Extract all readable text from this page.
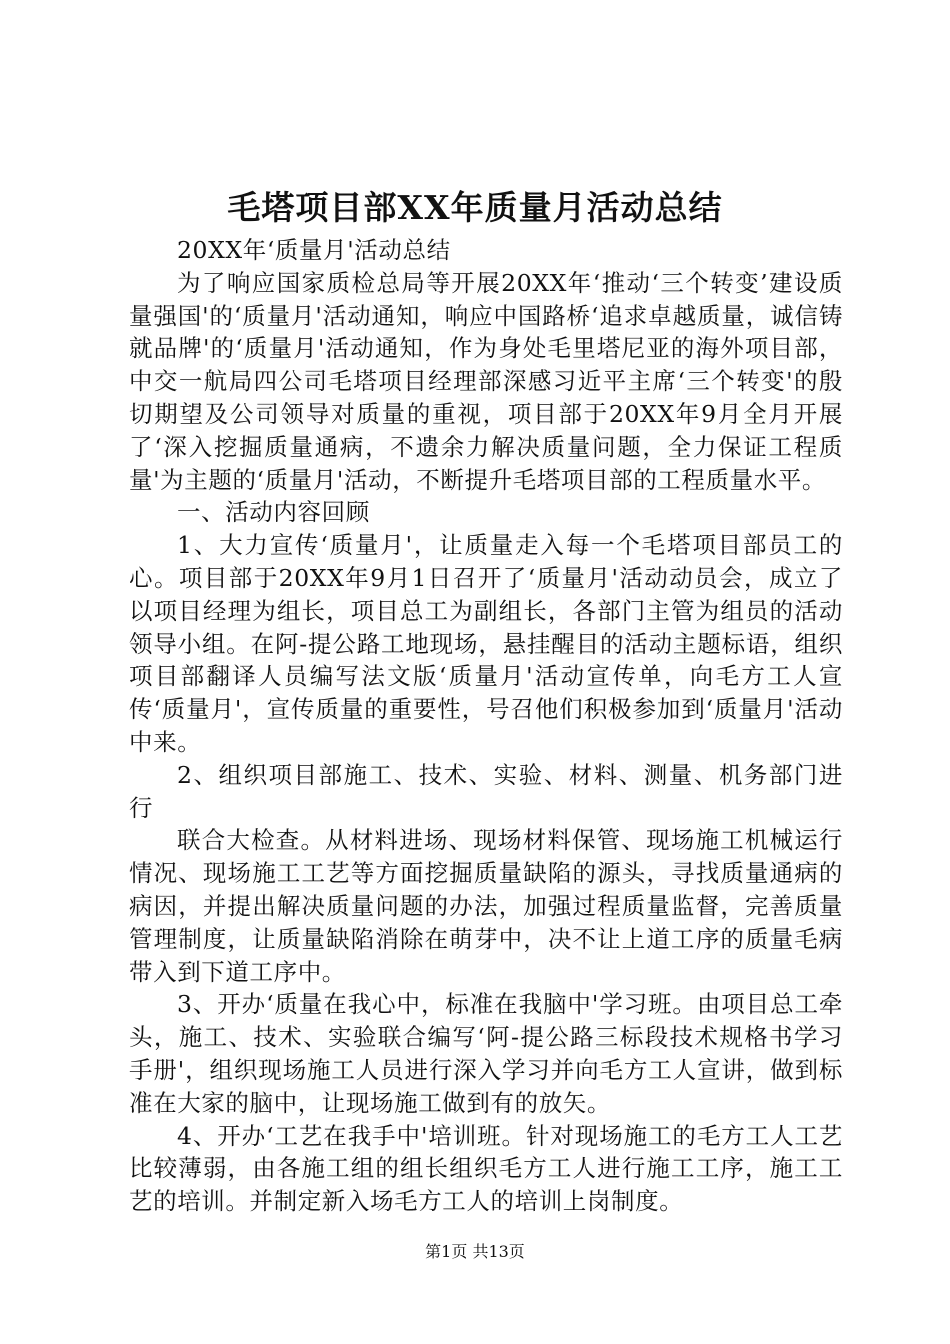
毛塔项目部XX年质量月活动总结

20XX年‘质量月'活动总结

为了响应国家质检总局等开展20XX年‘推动‘三个转变’建设质量强国'的‘质量月'活动通知，响应中国路桥‘追求卓越质量，诚信铸就品牌'的‘质量月'活动通知，作为身处毛里塔尼亚的海外项目部，中交一航局四公司毛塔项目经理部深感习近平主席‘三个转变'的殷切期望及公司领导对质量的重视，项目部于20XX年9月全月开展了‘深入挖掘质量通病，不遗余力解决质量问题，全力保证工程质量'为主题的‘质量月'活动，不断提升毛塔项目部的工程质量水平。

一、活动内容回顾

1、大力宣传‘质量月'，让质量走入每一个毛塔项目部员工的心。项目部于20XX年9月1日召开了‘质量月'活动动员会，成立了以项目经理为组长，项目总工为副组长，各部门主管为组员的活动领导小组。在阿-提公路工地现场，悬挂醒目的活动主题标语，组织项目部翻译人员编写法文版‘质量月'活动宣传单，向毛方工人宣传‘质量月'，宣传质量的重要性，号召他们积极参加到‘质量月'活动中来。

2、组织项目部施工、技术、实验、材料、测量、机务部门进行

联合大检查。从材料进场、现场材料保管、现场施工机械运行情况、现场施工工艺等方面挖掘质量缺陷的源头，寻找质量通病的病因，并提出解决质量问题的办法，加强过程质量监督，完善质量管理制度，让质量缺陷消除在萌芽中，决不让上道工序的质量毛病带入到下道工序中。

3、开办‘质量在我心中，标准在我脑中'学习班。由项目总工牵头，施工、技术、实验联合编写‘阿-提公路三标段技术规格书学习手册'，组织现场施工人员进行深入学习并向毛方工人宣讲，做到标准在大家的脑中，让现场施工做到有的放矢。

4、开办‘工艺在我手中'培训班。针对现场施工的毛方工人工艺比较薄弱，由各施工组的组长组织毛方工人进行施工工序，施工工艺的培训。并制定新入场毛方工人的培训上岗制度。

第1页 共13页
